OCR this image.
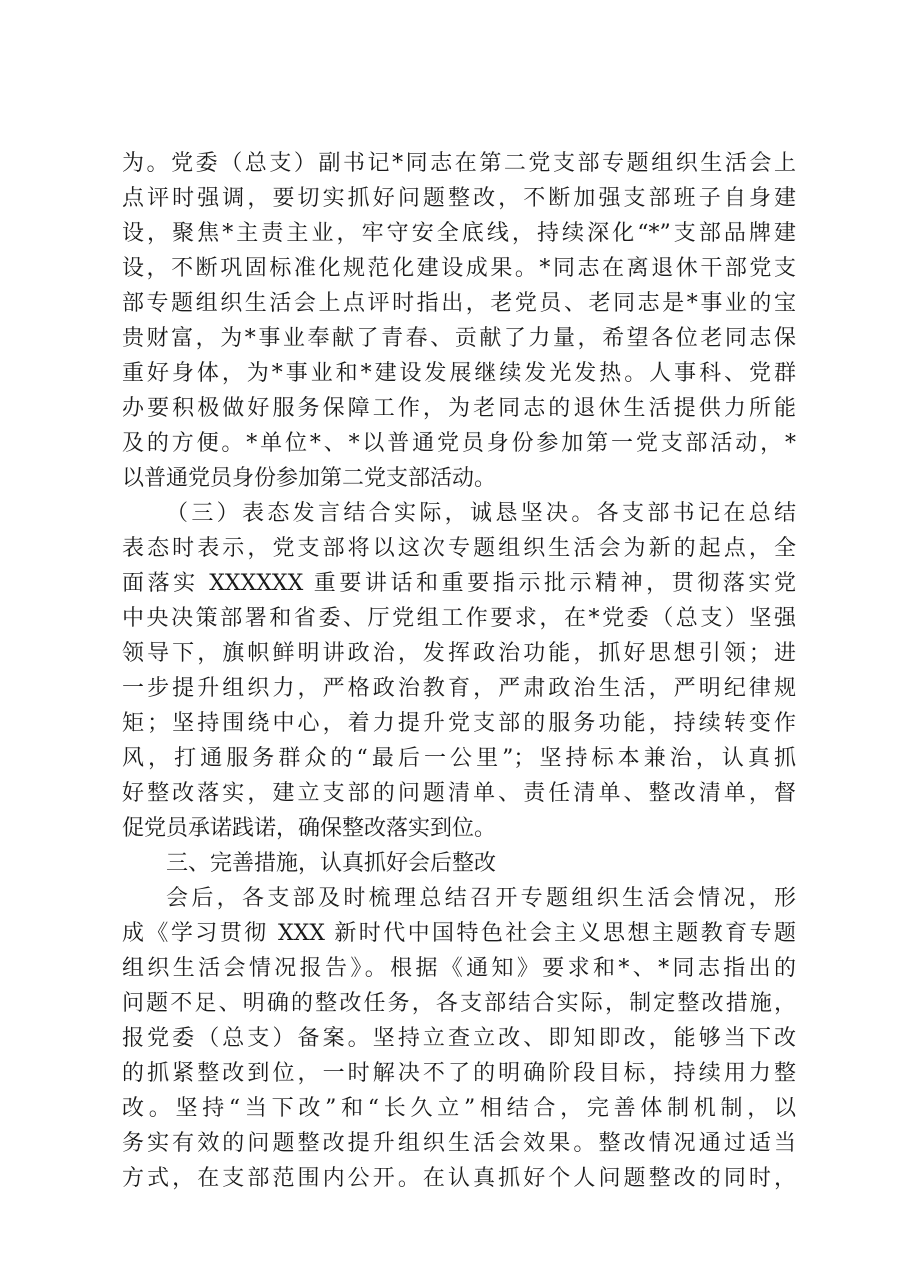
为。党委（总支）副书记*同志在第二党支部专题组织生活会上
点评时强调，要切实抓好问题整改，不断加强支部班子自身建
设，聚焦*主责主业，牢守安全底线，持续深化“*”支部品牌建
设，不断巩固标准化规范化建设成果。*同志在离退休干部党支
部专题组织生活会上点评时指出，老党员、老同志是*事业的宝
贵财富，为*事业奉献了青春、贡献了力量，希望各位老同志保
重好身体，为*事业和*建设发展继续发光发热。人事科、党群
办要积极做好服务保障工作，为老同志的退休生活提供力所能
及的方便。*单位*、*以普通党员身份参加第一党支部活动，*
以普通党员身份参加第二党支部活动。
（三）表态发言结合实际，诚恳坚决。各支部书记在总结
表态时表示，党支部将以这次专题组织生活会为新的起点，全
面落实 XXXXXX 重要讲话和重要指示批示精神，贯彻落实党
中央决策部署和省委、厅党组工作要求，在*党委（总支）坚强
领导下，旗帜鲜明讲政治，发挥政治功能，抓好思想引领；进
一步提升组织力，严格政治教育，严肃政治生活，严明纪律规
矩；坚持围绕中心，着力提升党支部的服务功能，持续转变作
风，打通服务群众的“最后一公里”；坚持标本兼治，认真抓
好整改落实，建立支部的问题清单、责任清单、整改清单，督
促党员承诺践诺，确保整改落实到位。
三、完善措施，认真抓好会后整改
会后，各支部及时梳理总结召开专题组织生活会情况，形
成《学习贯彻 XXX 新时代中国特色社会主义思想主题教育专题
组织生活会情况报告》。根据《通知》要求和*、*同志指出的
问题不足、明确的整改任务，各支部结合实际，制定整改措施，
报党委（总支）备案。坚持立查立改、即知即改，能够当下改
的抓紧整改到位，一时解决不了的明确阶段目标，持续用力整
改。坚持“当下改”和“长久立”相结合，完善体制机制，以
务实有效的问题整改提升组织生活会效果。整改情况通过适当
方式，在支部范围内公开。在认真抓好个人问题整改的同时，
